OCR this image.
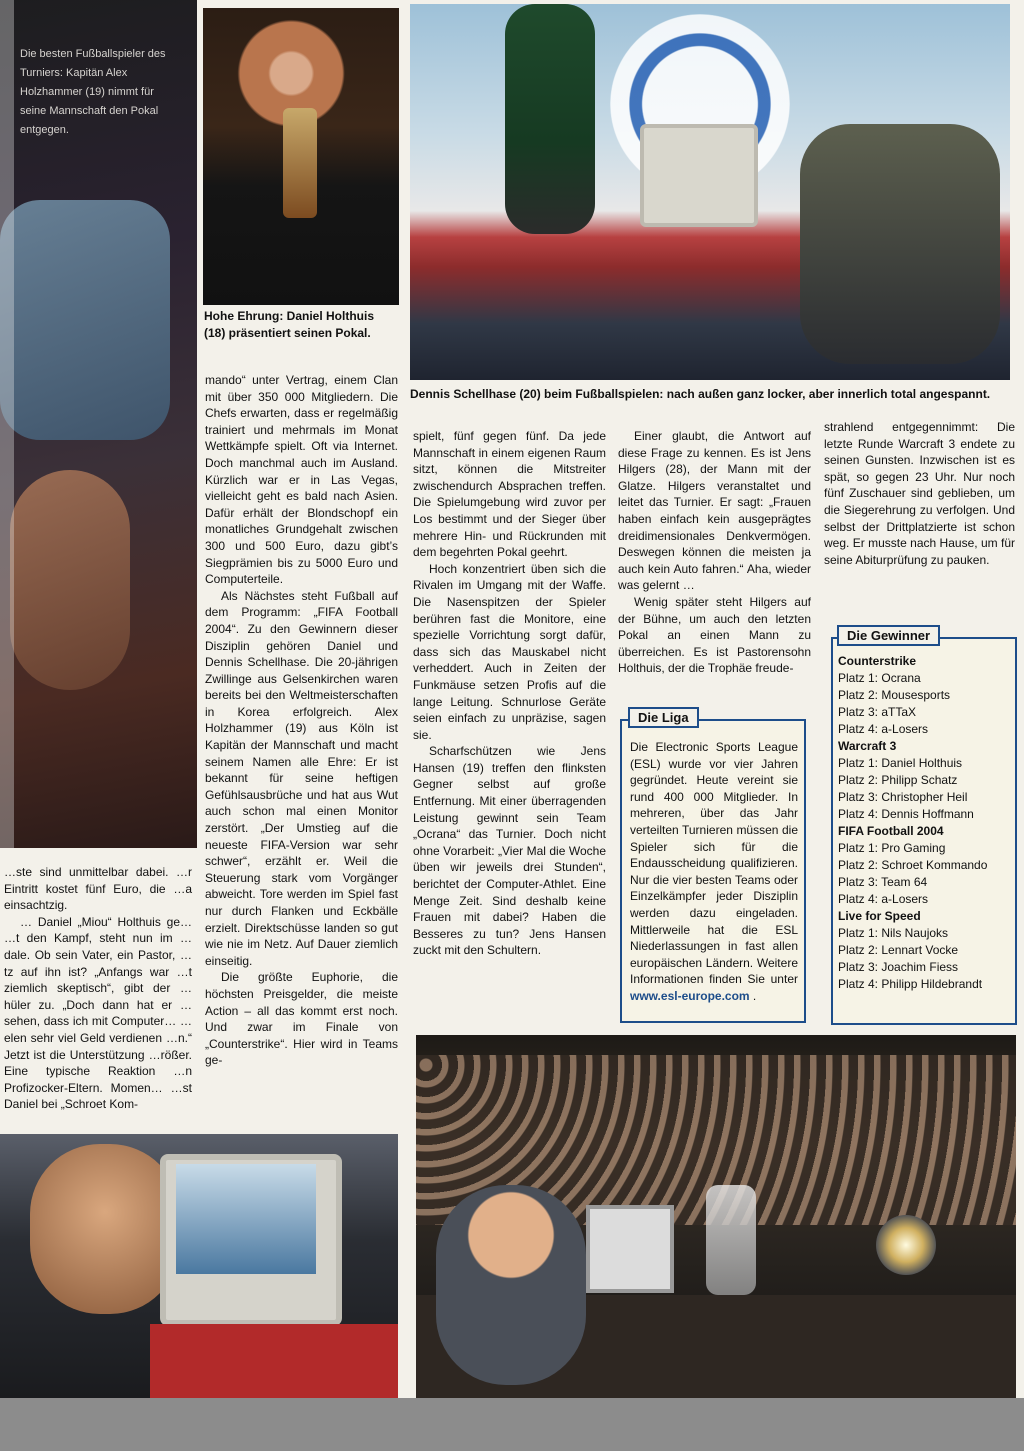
Die besten Fußballspieler des Turniers: Kapitän Alex Holzhammer (19) nimmt für seine Mannschaft den Pokal entgegen.
Hohe Ehrung: Daniel Holthuis (18) präsentiert seinen Pokal.
Dennis Schellhase (20) beim Fußballspielen: nach außen ganz locker, aber innerlich total angespannt.

…ste sind unmittelbar dabei. …r Eintritt kostet fünf Euro, die …a einsachtzig.

… Daniel „Miou“ Holthuis ge… …t den Kampf, steht nun im …dale. Ob sein Vater, ein Pastor, …tz auf ihn ist? „Anfangs war …t ziemlich skeptisch“, gibt der …hüler zu. „Doch dann hat er …sehen, dass ich mit Computer… …elen sehr viel Geld verdienen …n.“ Jetzt ist die Unterstützung …rößer. Eine typische Reaktion …n Profizocker-Eltern. Momen… …st Daniel bei „Schroet Kom-

mando“ unter Vertrag, einem Clan mit über 350 000 Mitgliedern. Die Chefs erwarten, dass er regelmäßig trainiert und mehrmals im Monat Wettkämpfe spielt. Oft via Internet. Doch manchmal auch im Ausland. Kürzlich war er in Las Vegas, vielleicht geht es bald nach Asien. Dafür erhält der Blondschopf ein monatliches Grundgehalt zwischen 300 und 500 Euro, dazu gibt’s Siegprämien bis zu 5000 Euro und Computerteile.

Als Nächstes steht Fußball auf dem Programm: „FIFA Football 2004“. Zu den Gewinnern dieser Disziplin gehören Daniel und Dennis Schellhase. Die 20-jährigen Zwillinge aus Gelsenkirchen waren bereits bei den Weltmeisterschaften in Korea erfolgreich. Alex Holzhammer (19) aus Köln ist Kapitän der Mannschaft und macht seinem Namen alle Ehre: Er ist bekannt für seine heftigen Gefühlsausbrüche und hat aus Wut auch schon mal einen Monitor zerstört. „Der Umstieg auf die neueste FIFA-Version war sehr schwer“, erzählt er. Weil die Steuerung stark vom Vorgänger abweicht. Tore werden im Spiel fast nur durch Flanken und Eckbälle erzielt. Direktschüsse landen so gut wie nie im Netz. Auf Dauer ziemlich einseitig.

Die größte Euphorie, die höchsten Preisgelder, die meiste Action – all das kommt erst noch. Und zwar im Finale von „Counterstrike“. Hier wird in Teams ge-

spielt, fünf gegen fünf. Da jede Mannschaft in einem eigenen Raum sitzt, können die Mitstreiter zwischendurch Absprachen treffen. Die Spielumgebung wird zuvor per Los bestimmt und der Sieger über mehrere Hin- und Rückrunden mit dem begehrten Pokal geehrt.

Hoch konzentriert üben sich die Rivalen im Umgang mit der Waffe. Die Nasenspitzen der Spieler berühren fast die Monitore, eine spezielle Vorrichtung sorgt dafür, dass sich das Mauskabel nicht verheddert. Auch in Zeiten der Funkmäuse setzen Profis auf die lange Leitung. Schnurlose Geräte seien einfach zu unpräzise, sagen sie.

Scharfschützen wie Jens Hansen (19) treffen den flinksten Gegner selbst auf große Entfernung. Mit einer überragenden Leistung gewinnt sein Team „Ocrana“ das Turnier. Doch nicht ohne Vorarbeit: „Vier Mal die Woche üben wir jeweils drei Stunden“, berichtet der Computer-Athlet. Eine Menge Zeit. Sind deshalb keine Frauen mit dabei? Haben die Besseres zu tun? Jens Hansen zuckt mit den Schultern.

Einer glaubt, die Antwort auf diese Frage zu kennen. Es ist Jens Hilgers (28), der Mann mit der Glatze. Hilgers veranstaltet und leitet das Turnier. Er sagt: „Frauen haben einfach kein ausgeprägtes dreidimensionales Denkvermögen. Deswegen können die meisten ja auch kein Auto fahren.“ Aha, wieder was gelernt …

Wenig später steht Hilgers auf der Bühne, um auch den letzten Pokal an einen Mann zu überreichen. Es ist Pastorensohn Holthuis, der die Trophäe freude-

strahlend entgegennimmt: Die letzte Runde Warcraft 3 endete zu seinen Gunsten. Inzwischen ist es spät, so gegen 23 Uhr. Nur noch fünf Zuschauer sind geblieben, um die Siegerehrung zu verfolgen. Und selbst der Drittplatzierte ist schon weg. Er musste nach Hause, um für seine Abiturprüfung zu pauken.

Die Liga
Die Electronic Sports League (ESL) wurde vor vier Jahren gegründet. Heute vereint sie rund 400 000 Mitglieder. In mehreren, über das Jahr verteilten Turnieren müssen die Spieler sich für die Endausscheidung qualifizieren. Nur die vier besten Teams oder Einzelkämpfer jeder Disziplin werden dazu eingeladen. Mittlerweile hat die ESL Niederlassungen in fast allen europäischen Ländern. Weitere Informationen finden Sie unter www.esl-europe.com .
Die Gewinner
Counterstrike

Platz 1: Ocrana

Platz 2: Mousesports

Platz 3: aTTaX

Platz 4: a-Losers

Warcraft 3

Platz 1: Daniel Holthuis

Platz 2: Philipp Schatz

Platz 3: Christopher Heil

Platz 4: Dennis Hoffmann

FIFA Football 2004

Platz 1: Pro Gaming

Platz 2: Schroet Kommando

Platz 3: Team 64

Platz 4: a-Losers

Live for Speed

Platz 1: Nils Naujoks

Platz 2: Lennart Vocke

Platz 3: Joachim Fiess

Platz 4: Philipp Hildebrandt
